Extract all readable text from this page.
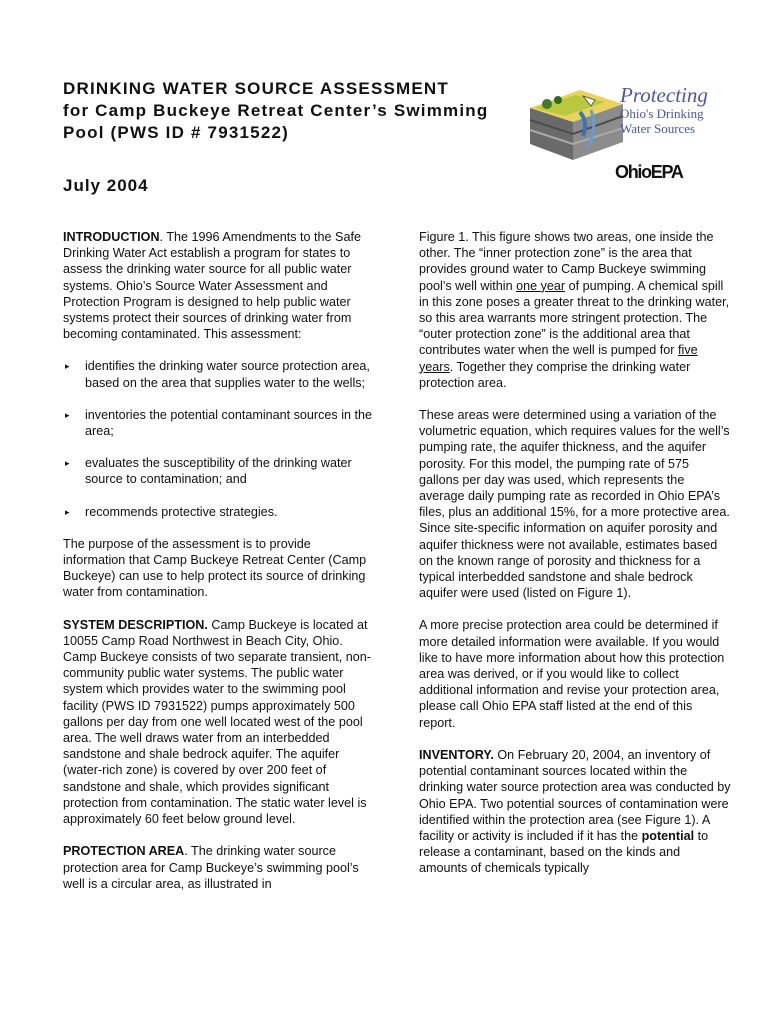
DRINKING WATER SOURCE ASSESSMENT
for Camp Buckeye Retreat Center’s Swimming
Pool (PWS ID # 7931522)
July 2004
Protecting
Ohio's Drinking
Water Sources
OhioEPA

INTRODUCTION. The 1996 Amendments to the Safe Drinking Water Act establish a program for states to assess the drinking water source for all public water systems. Ohio’s Source Water Assessment and Protection Program is designed to help public water systems protect their sources of drinking water from becoming contaminated. This assessment:

▸ identifies the drinking water source protection area, based on the area that supplies water to the wells;
▸ inventories the potential contaminant sources in the area;
▸ evaluates the susceptibility of the drinking water source to contamination; and
▸ recommends protective strategies.

The purpose of the assessment is to provide information that Camp Buckeye Retreat Center (Camp Buckeye) can use to help protect its source of drinking water from contamination.

SYSTEM DESCRIPTION. Camp Buckeye is located at 10055 Camp Road Northwest in Beach City, Ohio. Camp Buckeye consists of two separate transient, non-community public water systems. The public water system which provides water to the swimming pool facility (PWS ID 7931522) pumps approximately 500 gallons per day from one well located west of the pool area. The well draws water from an interbedded sandstone and shale bedrock aquifer. The aquifer (water-rich zone) is covered by over 200 feet of sandstone and shale, which provides significant protection from contamination. The static water level is approximately 60 feet below ground level.

PROTECTION AREA. The drinking water source protection area for Camp Buckeye’s swimming pool’s well is a circular area, as illustrated in

Figure 1. This figure shows two areas, one inside the other. The “inner protection zone” is the area that provides ground water to Camp Buckeye swimming pool’s well within one year of pumping. A chemical spill in this zone poses a greater threat to the drinking water, so this area warrants more stringent protection. The “outer protection zone” is the additional area that contributes water when the well is pumped for five years. Together they comprise the drinking water protection area.

These areas were determined using a variation of the volumetric equation, which requires values for the well’s pumping rate, the aquifer thickness, and the aquifer porosity. For this model, the pumping rate of 575 gallons per day was used, which represents the average daily pumping rate as recorded in Ohio EPA’s files, plus an additional 15%, for a more protective area. Since site-specific information on aquifer porosity and aquifer thickness were not available, estimates based on the known range of porosity and thickness for a typical interbedded sandstone and shale bedrock aquifer were used (listed on Figure 1).

A more precise protection area could be determined if more detailed information were available. If you would like to have more information about how this protection area was derived, or if you would like to collect additional information and revise your protection area, please call Ohio EPA staff listed at the end of this report.

INVENTORY. On February 20, 2004, an inventory of potential contaminant sources located within the drinking water source protection area was conducted by Ohio EPA. Two potential sources of contamination were identified within the protection area (see Figure 1). A facility or activity is included if it has the potential to release a contaminant, based on the kinds and amounts of chemicals typically
